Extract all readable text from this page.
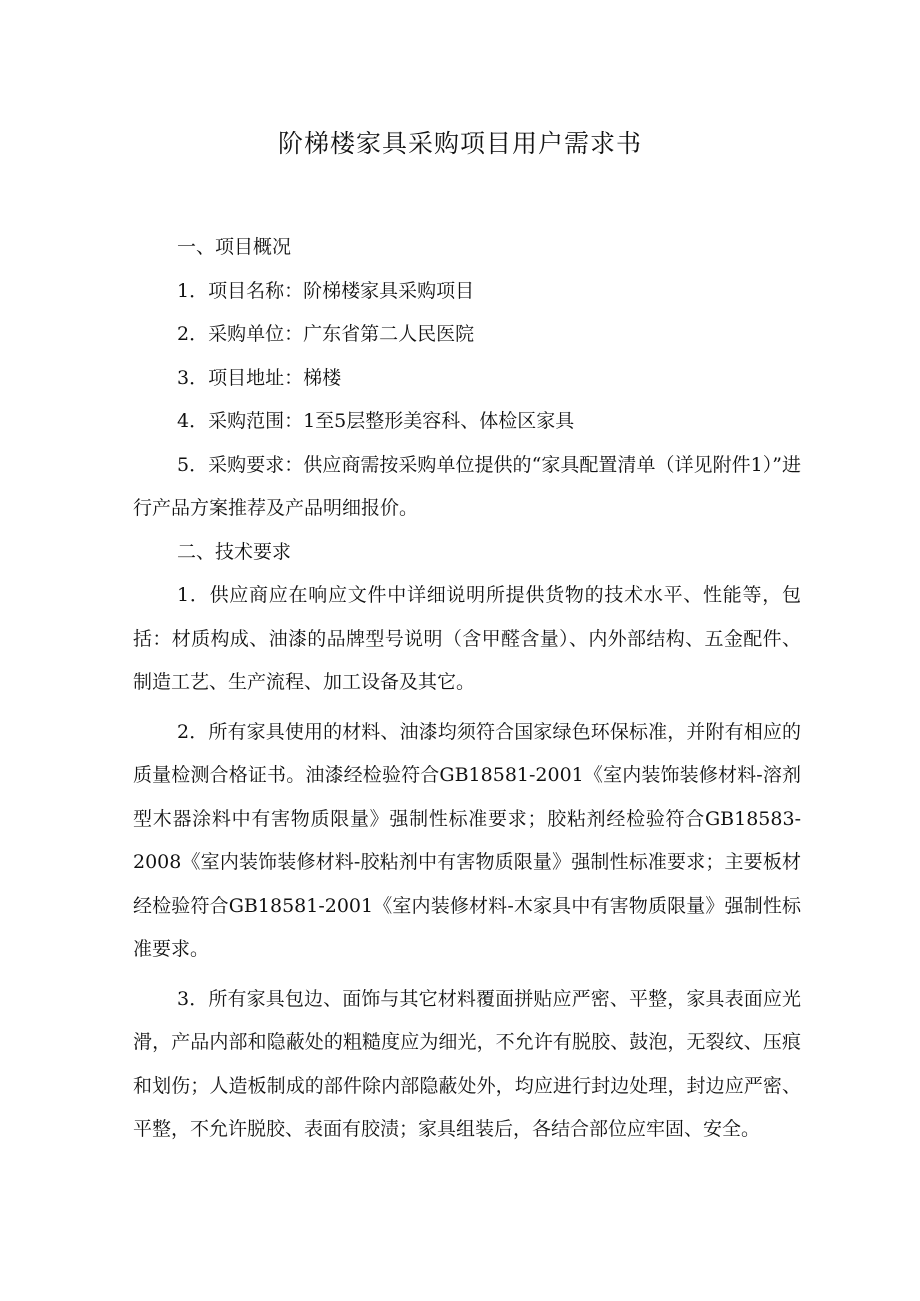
阶梯楼家具采购项目用户需求书
一、项目概况

1．项目名称：阶梯楼家具采购项目

2．采购单位：广东省第二人民医院

3．项目地址：梯楼

4．采购范围：1至5层整形美容科、体检区家具

5．采购要求：供应商需按采购单位提供的“家具配置清单（详见附件1）”进行产品方案推荐及产品明细报价。

二、技术要求

1．供应商应在响应文件中详细说明所提供货物的技术水平、性能等，包括：材质构成、油漆的品牌型号说明（含甲醛含量）、内外部结构、五金配件、制造工艺、生产流程、加工设备及其它。

2．所有家具使用的材料、油漆均须符合国家绿色环保标准，并附有相应的质量检测合格证书。油漆经检验符合GB18581-2001《室内装饰装修材料-溶剂型木器涂料中有害物质限量》强制性标准要求；胶粘剂经检验符合GB18583-2008《室内装饰装修材料-胶粘剂中有害物质限量》强制性标准要求；主要板材经检验符合GB18581-2001《室内装修材料-木家具中有害物质限量》强制性标准要求。

3．所有家具包边、面饰与其它材料覆面拼贴应严密、平整，家具表面应光滑，产品内部和隐蔽处的粗糙度应为细光，不允许有脱胶、鼓泡，无裂纹、压痕和划伤；人造板制成的部件除内部隐蔽处外，均应进行封边处理，封边应严密、平整，不允许脱胶、表面有胶渍；家具组装后，各结合部位应牢固、安全。
